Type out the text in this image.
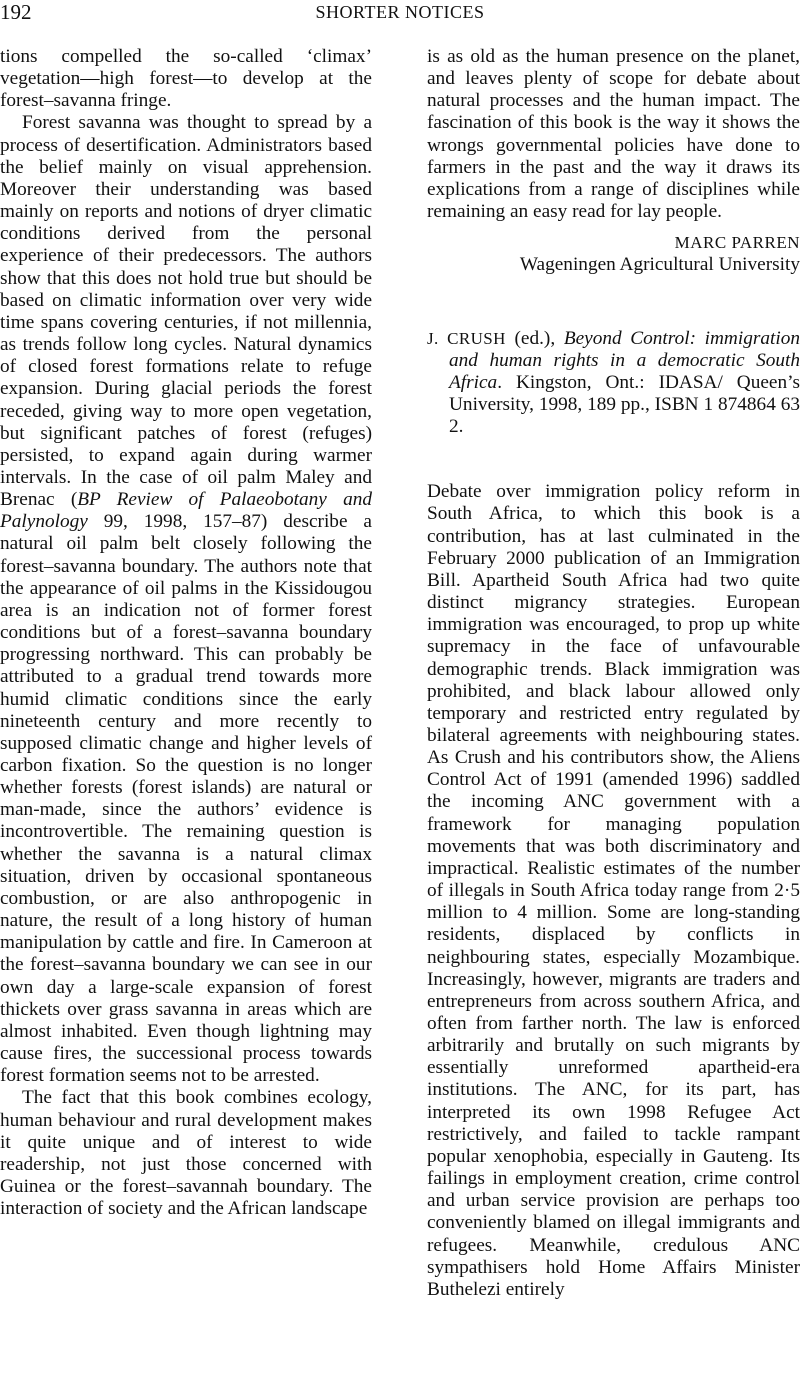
192	SHORTER NOTICES

tions compelled the so-called ‘climax’ vegetation—high forest—to develop at the forest–savanna fringe.

Forest savanna was thought to spread by a process of desertification. Administrators based the belief mainly on visual apprehension. Moreover their understanding was based mainly on reports and notions of dryer climatic conditions derived from the personal experience of their predecessors. The authors show that this does not hold true but should be based on climatic information over very wide time spans covering centuries, if not millennia, as trends follow long cycles. Natural dynamics of closed forest formations relate to refuge expansion. During glacial periods the forest receded, giving way to more open vegetation, but significant patches of forest (refuges) persisted, to expand again during warmer intervals. In the case of oil palm Maley and Brenac (BP Review of Palaeobotany and Palynology 99, 1998, 157–87) describe a natural oil palm belt closely following the forest–savanna boundary. The authors note that the appearance of oil palms in the Kissidougou area is an indication not of former forest conditions but of a forest–savanna boundary progressing northward. This can probably be attributed to a gradual trend towards more humid climatic conditions since the early nineteenth century and more recently to supposed climatic change and higher levels of carbon fixation. So the question is no longer whether forests (forest islands) are natural or man-made, since the authors’ evidence is incontrovertible. The remaining question is whether the savanna is a natural climax situation, driven by occasional spontaneous combustion, or are also anthropogenic in nature, the result of a long history of human manipulation by cattle and fire. In Cameroon at the forest–savanna boundary we can see in our own day a large-scale expansion of forest thickets over grass savanna in areas which are almost inhabited. Even though lightning may cause fires, the successional process towards forest formation seems not to be arrested.

The fact that this book combines ecology, human behaviour and rural development makes it quite unique and of interest to wide readership, not just those concerned with Guinea or the forest–savannah boundary. The interaction of society and the African landscape

is as old as the human presence on the planet, and leaves plenty of scope for debate about natural processes and the human impact. The fascination of this book is the way it shows the wrongs governmental policies have done to farmers in the past and the way it draws its explications from a range of disciplines while remaining an easy read for lay people.

MARC PARREN

Wageningen Agricultural University

J. CRUSH (ed.), Beyond Control: immigration and human rights in a democratic South Africa. Kingston, Ont.: IDASA/ Queen’s University, 1998, 189 pp., ISBN 1 874864 63 2.

Debate over immigration policy reform in South Africa, to which this book is a contribution, has at last culminated in the February 2000 publication of an Immigration Bill. Apartheid South Africa had two quite distinct migrancy strategies. European immigration was encouraged, to prop up white supremacy in the face of unfavourable demographic trends. Black immigration was prohibited, and black labour allowed only temporary and restricted entry regulated by bilateral agreements with neighbouring states. As Crush and his contributors show, the Aliens Control Act of 1991 (amended 1996) saddled the incoming ANC government with a framework for managing population movements that was both discriminatory and impractical. Realistic estimates of the number of illegals in South Africa today range from 2·5 million to 4 million. Some are long-standing residents, displaced by conflicts in neighbouring states, especially Mozambique. Increasingly, however, migrants are traders and entrepreneurs from across southern Africa, and often from farther north. The law is enforced arbitrarily and brutally on such migrants by essentially unreformed apartheid-era institutions. The ANC, for its part, has interpreted its own 1998 Refugee Act restrictively, and failed to tackle rampant popular xenophobia, especially in Gauteng. Its failings in employment creation, crime control and urban service provision are perhaps too conveniently blamed on illegal immigrants and refugees. Meanwhile, credulous ANC sympathisers hold Home Affairs Minister Buthelezi entirely
